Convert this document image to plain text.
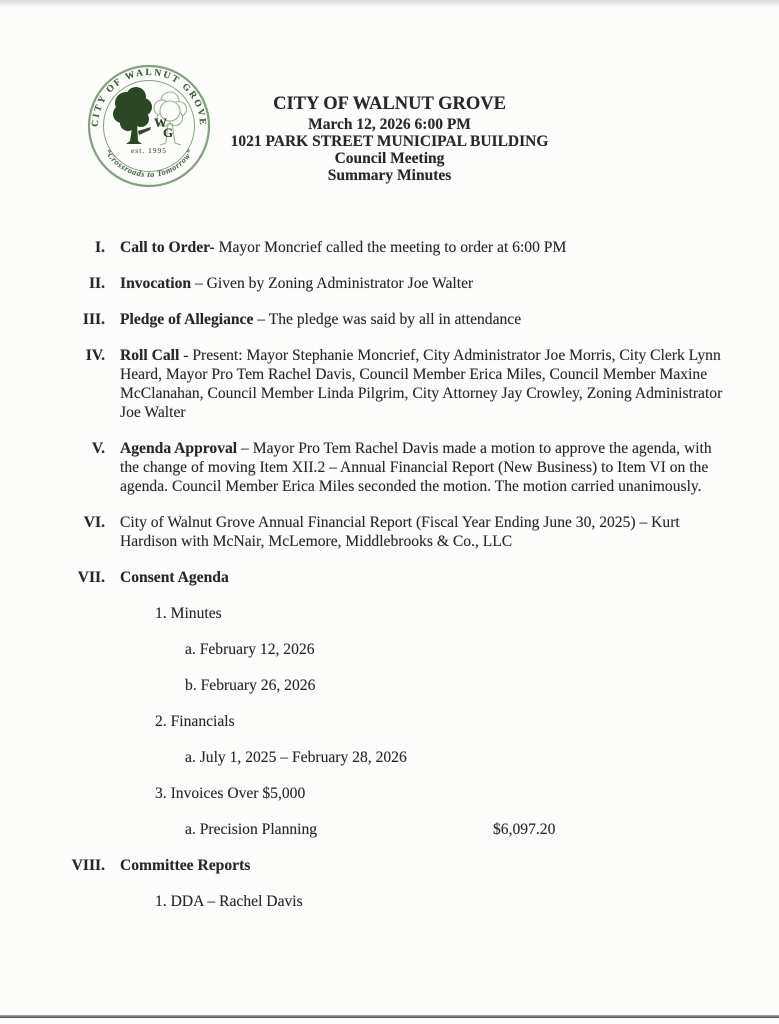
CITY OF WALNUT GROVE
“Crossroads to Tomorrow”
W
G
est. 1995
CITY OF WALNUT GROVE
March 12, 2026 6:00 PM
1021 PARK STREET MUNICIPAL BUILDING
Council Meeting
Summary Minutes
I. Call to Order- Mayor Moncrief called the meeting to order at 6:00 PM

II. Invocation – Given by Zoning Administrator Joe Walter

III. Pledge of Allegiance – The pledge was said by all in attendance

IV. Roll Call - Present: Mayor Stephanie Moncrief, City Administrator Joe Morris, City Clerk Lynn Heard, Mayor Pro Tem Rachel Davis, Council Member Erica Miles, Council Member Maxine McClanahan, Council Member Linda Pilgrim, City Attorney Jay Crowley, Zoning Administrator Joe Walter

V. Agenda Approval – Mayor Pro Tem Rachel Davis made a motion to approve the agenda, with the change of moving Item XII.2 – Annual Financial Report (New Business) to Item VI on the agenda. Council Member Erica Miles seconded the motion. The motion carried unanimously.

VI. City of Walnut Grove Annual Financial Report (Fiscal Year Ending June 30, 2025) – Kurt Hardison with McNair, McLemore, Middlebrooks & Co., LLC

VII. Consent Agenda

1. Minutes

a. February 12, 2026

b. February 26, 2026

2. Financials

a. July 1, 2025 – February 28, 2026

3. Invoices Over $5,000

a. Precision Planning	$6,097.20

VIII. Committee Reports

1. DDA – Rachel Davis
